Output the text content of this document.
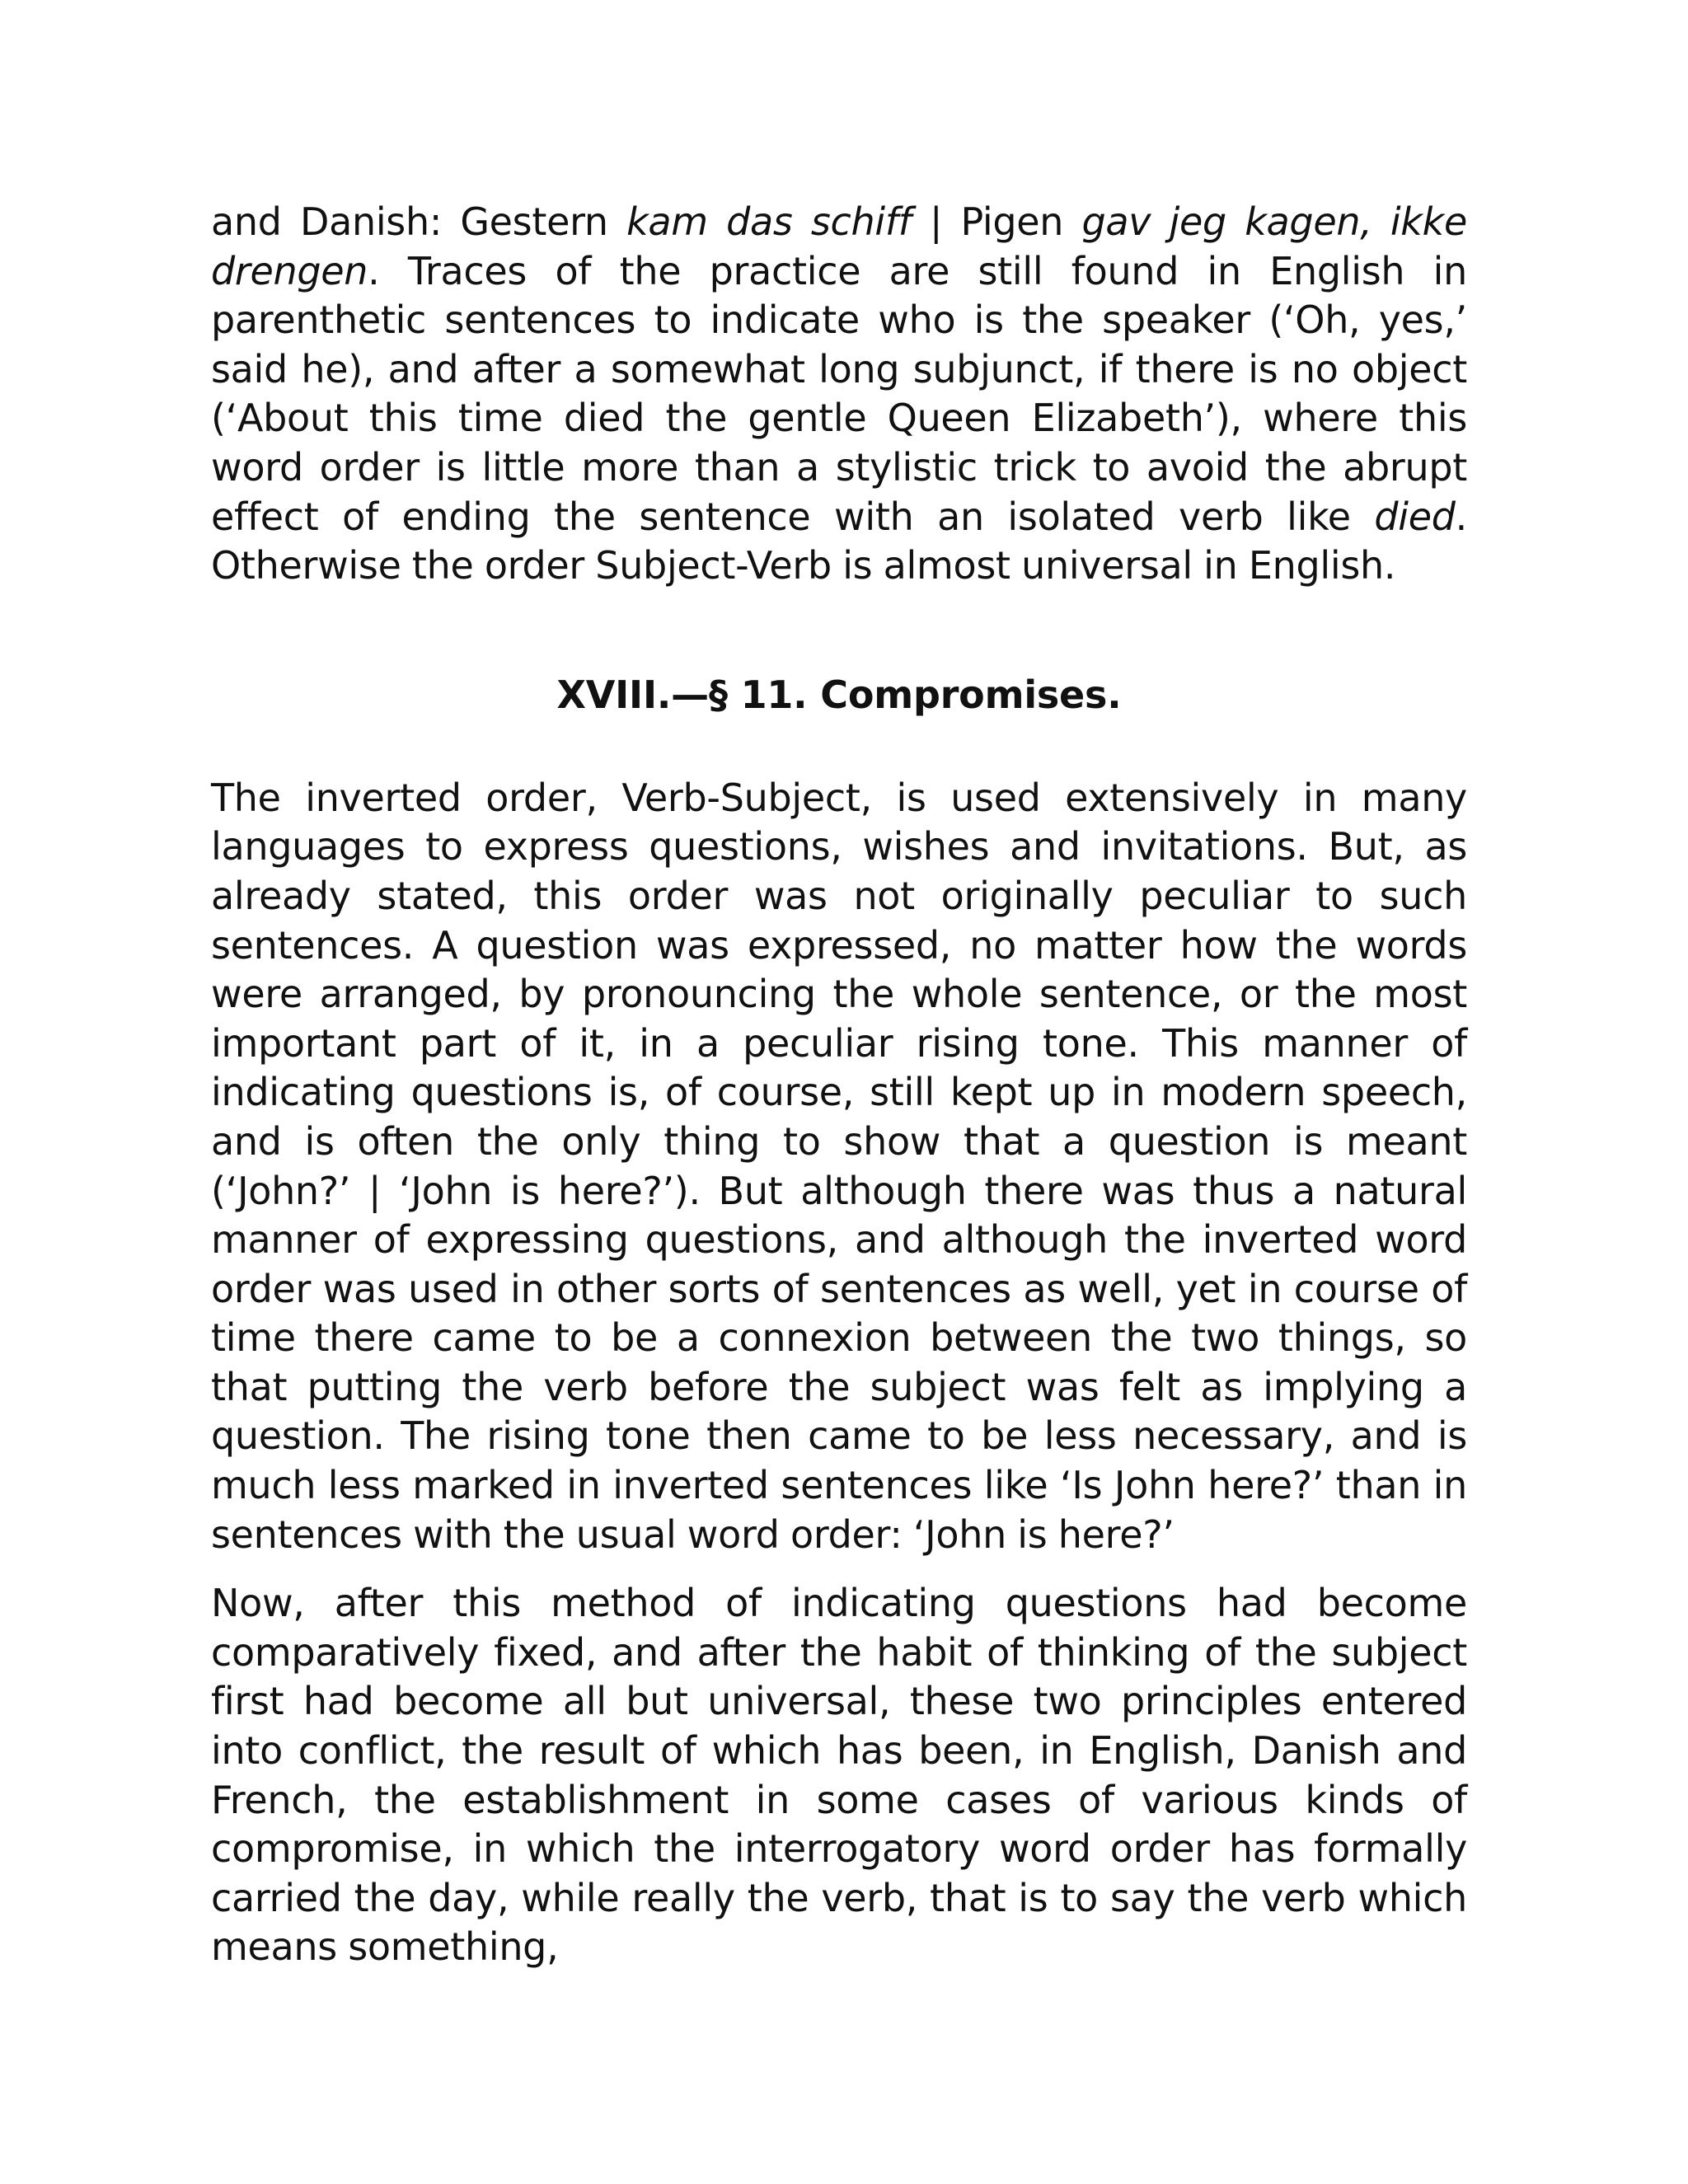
and Danish: Gestern kam das schiff | Pigen gav jeg kagen, ikke drengen. Traces of the practice are still found in English in parenthetic sentences to indicate who is the speaker (‘Oh, yes,’ said he), and after a somewhat long subjunct, if there is no object (‘About this time died the gentle Queen Elizabeth’), where this word order is little more than a stylistic trick to avoid the abrupt effect of ending the sentence with an isolated verb like died. Otherwise the order Subject-Verb is almost universal in English.

XVIII.—§ 11. Compromises.

The inverted order, Verb-Subject, is used extensively in many languages to express questions, wishes and invitations. But, as already stated, this order was not originally peculiar to such sentences. A question was expressed, no matter how the words were arranged, by pronouncing the whole sentence, or the most important part of it, in a peculiar rising tone. This manner of indicating questions is, of course, still kept up in modern speech, and is often the only thing to show that a question is meant (‘John?’ | ‘John is here?’). But although there was thus a natural manner of expressing questions, and although the inverted word order was used in other sorts of sentences as well, yet in course of time there came to be a connexion between the two things, so that putting the verb before the subject was felt as implying a question. The rising tone then came to be less necessary, and is much less marked in inverted sentences like ‘Is John here?’ than in sentences with the usual word order: ‘John is here?’

Now, after this method of indicating questions had become comparatively fixed, and after the habit of thinking of the subject first had become all but universal, these two principles entered into conflict, the result of which has been, in English, Danish and French, the establishment in some cases of various kinds of compromise, in which the interrogatory word order has formally carried the day, while really the verb, that is to say the verb which means something,
